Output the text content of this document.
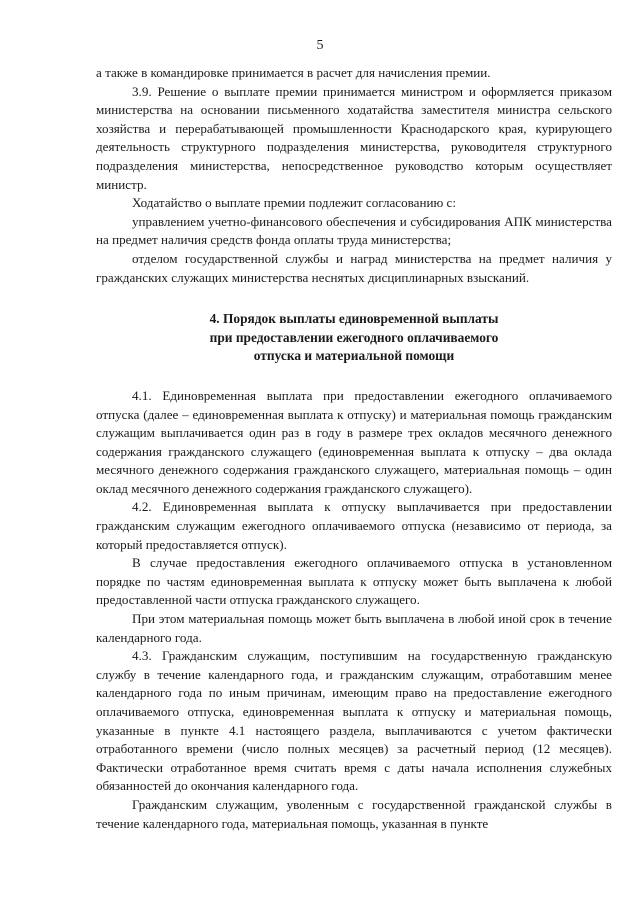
5

а также в командировке принимается в расчет для начисления премии.

3.9. Решение о выплате премии принимается министром и оформляется приказом министерства на основании письменного ходатайства заместителя министра сельского хозяйства и перерабатывающей промышленности Краснодарского края, курирующего деятельность структурного подразделения министерства, руководителя структурного подразделения министерства, непосредственное руководство которым осуществляет министр.

Ходатайство о выплате премии подлежит согласованию с:

управлением учетно-финансового обеспечения и субсидирования АПК министерства на предмет наличия средств фонда оплаты труда министерства;

отделом государственной службы и наград министерства на предмет наличия у гражданских служащих министерства неснятых дисциплинарных взысканий.

4. Порядок выплаты единовременной выплаты
при предоставлении ежегодного оплачиваемого
отпуска и материальной помощи

4.1. Единовременная выплата при предоставлении ежегодного оплачиваемого отпуска (далее – единовременная выплата к отпуску) и материальная помощь гражданским служащим выплачивается один раз в году в размере трех окладов месячного денежного содержания гражданского служащего (единовременная выплата к отпуску – два оклада месячного денежного содержания гражданского служащего, материальная помощь – один оклад месячного денежного содержания гражданского служащего).

4.2. Единовременная выплата к отпуску выплачивается при предоставлении гражданским служащим ежегодного оплачиваемого отпуска (независимо от периода, за который предоставляется отпуск).

В случае предоставления ежегодного оплачиваемого отпуска в установленном порядке по частям единовременная выплата к отпуску может быть выплачена к любой предоставленной части отпуска гражданского служащего.

При этом материальная помощь может быть выплачена в любой иной срок в течение календарного года.

4.3. Гражданским служащим, поступившим на государственную гражданскую службу в течение календарного года, и гражданским служащим, отработавшим менее календарного года по иным причинам, имеющим право на предоставление ежегодного оплачиваемого отпуска, единовременная выплата к отпуску и материальная помощь, указанные в пункте 4.1 настоящего раздела, выплачиваются с учетом фактически отработанного времени (число полных месяцев) за расчетный период (12 месяцев). Фактически отработанное время считать время с даты начала исполнения служебных обязанностей до окончания календарного года.

Гражданским служащим, уволенным с государственной гражданской службы в течение календарного года, материальная помощь, указанная в пункте
